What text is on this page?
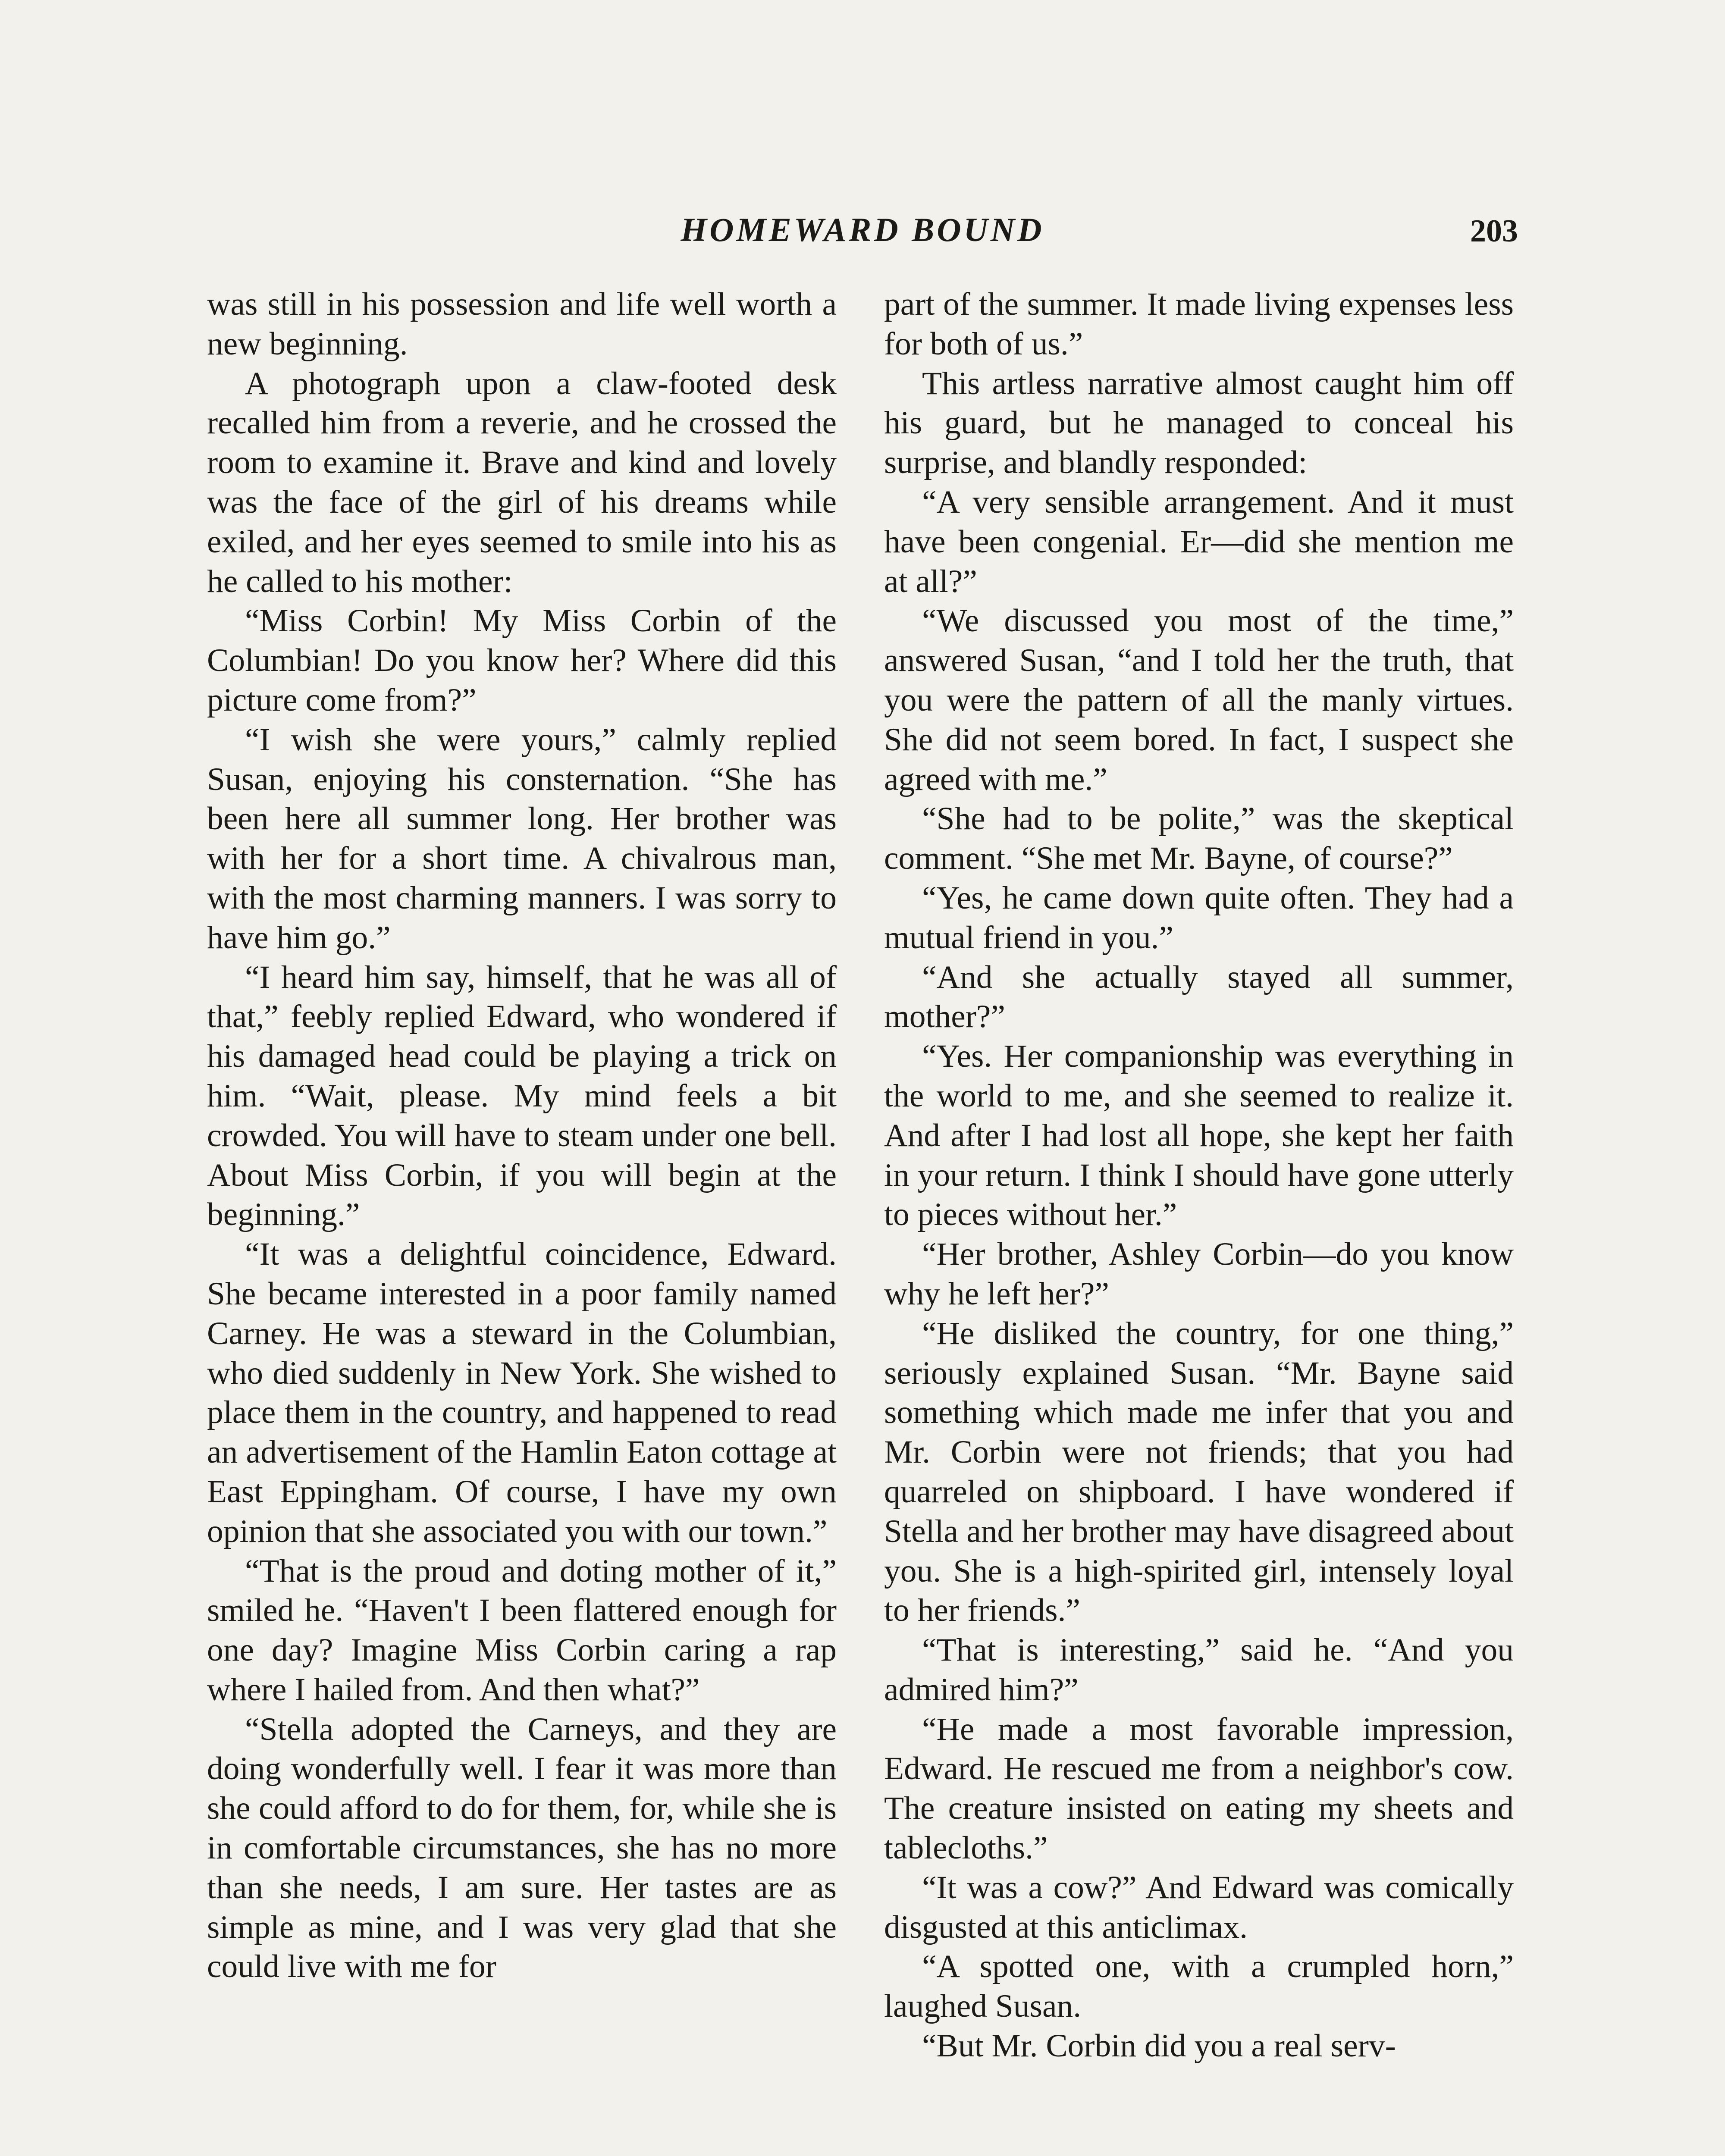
HOMEWARD BOUND	203

was still in his possession and life well worth a new beginning.

A photograph upon a claw-footed desk recalled him from a reverie, and he crossed the room to examine it. Brave and kind and lovely was the face of the girl of his dreams while exiled, and her eyes seemed to smile into his as he called to his mother:

“Miss Corbin! My Miss Corbin of the Columbian! Do you know her? Where did this picture come from?”

“I wish she were yours,” calmly replied Susan, enjoying his consternation. “She has been here all summer long. Her brother was with her for a short time. A chivalrous man, with the most charming manners. I was sorry to have him go.”

“I heard him say, himself, that he was all of that,” feebly replied Edward, who wondered if his damaged head could be playing a trick on him. “Wait, please. My mind feels a bit crowded. You will have to steam under one bell. About Miss Corbin, if you will begin at the beginning.”

“It was a delightful coincidence, Edward. She became interested in a poor family named Carney. He was a steward in the Columbian, who died suddenly in New York. She wished to place them in the country, and happened to read an advertisement of the Hamlin Eaton cottage at East Eppingham. Of course, I have my own opinion that she associated you with our town.”

“That is the proud and doting mother of it,” smiled he. “Haven't I been flattered enough for one day? Imagine Miss Corbin caring a rap where I hailed from. And then what?”

“Stella adopted the Carneys, and they are doing wonderfully well. I fear it was more than she could afford to do for them, for, while she is in comfortable circumstances, she has no more than she needs, I am sure. Her tastes are as simple as mine, and I was very glad that she could live with me for

part of the summer. It made living expenses less for both of us.”

This artless narrative almost caught him off his guard, but he managed to conceal his surprise, and blandly responded:

“A very sensible arrangement. And it must have been congenial. Er—did she mention me at all?”

“We discussed you most of the time,” answered Susan, “and I told her the truth, that you were the pattern of all the manly virtues. She did not seem bored. In fact, I suspect she agreed with me.”

“She had to be polite,” was the skeptical comment. “She met Mr. Bayne, of course?”

“Yes, he came down quite often. They had a mutual friend in you.”

“And she actually stayed all summer, mother?”

“Yes. Her companionship was everything in the world to me, and she seemed to realize it. And after I had lost all hope, she kept her faith in your return. I think I should have gone utterly to pieces without her.”

“Her brother, Ashley Corbin—do you know why he left her?”

“He disliked the country, for one thing,” seriously explained Susan. “Mr. Bayne said something which made me infer that you and Mr. Corbin were not friends; that you had quarreled on shipboard. I have wondered if Stella and her brother may have disagreed about you. She is a high-spirited girl, intensely loyal to her friends.”

“That is interesting,” said he. “And you admired him?”

“He made a most favorable impression, Edward. He rescued me from a neighbor's cow. The creature insisted on eating my sheets and tablecloths.”

“It was a cow?” And Edward was comically disgusted at this anticlimax.

“A spotted one, with a crumpled horn,” laughed Susan.

“But Mr. Corbin did you a real serv-
